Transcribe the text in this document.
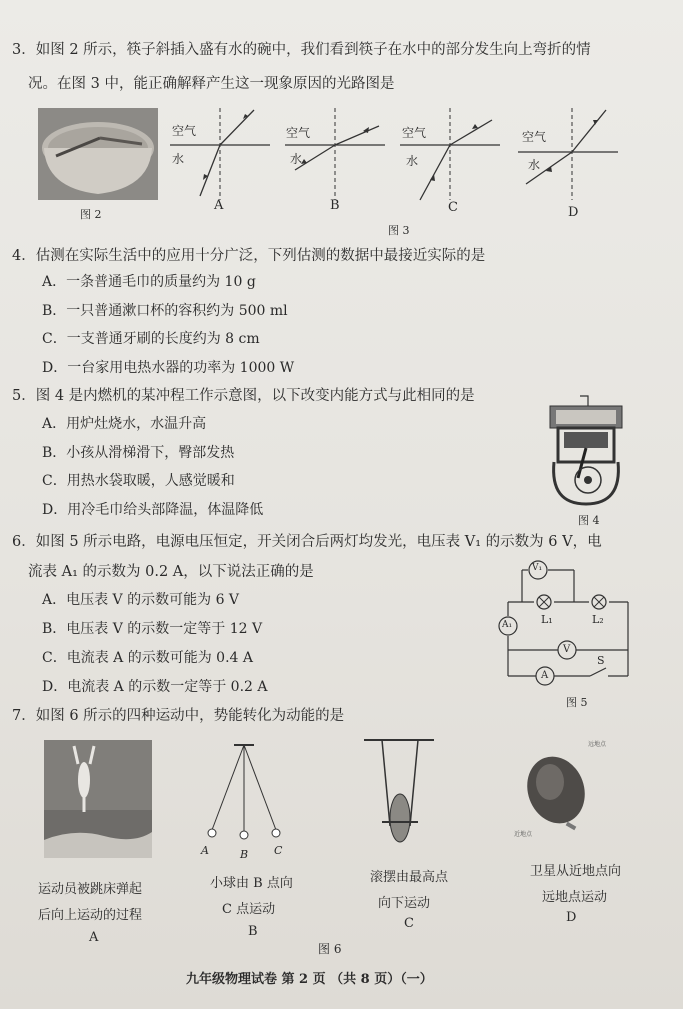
3．如图 2 所示，筷子斜插入盛有水的碗中，我们看到筷子在水中的部分发生向上弯折的情
况。在图 3 中，能正确解释产生这一现象原因的光路图是
图 2
空气
水
A
空气
水
B
空气
水
C
空气
水
D
图 3
4．估测在实际生活中的应用十分广泛，下列估测的数据中最接近实际的是
A．一条普通毛巾的质量约为 10 g
B．一只普通漱口杯的容积约为 500 ml
C．一支普通牙刷的长度约为 8 cm
D．一台家用电热水器的功率为 1000 W
5．图 4 是内燃机的某冲程工作示意图，以下改变内能方式与此相同的是
A．用炉灶烧水，水温升高
B．小孩从滑梯滑下，臀部发热
C．用热水袋取暖，人感觉暖和
D．用冷毛巾给头部降温，体温降低
图 4
6．如图 5 所示电路，电源电压恒定，开关闭合后两灯均发光，电压表 V₁ 的示数为 6 V，电
流表 A₁ 的示数为 0.2 A，以下说法正确的是
A．电压表 V 的示数可能为 6 V
B．电压表 V 的示数一定等于 12 V
C．电流表 A 的示数可能为 0.4 A
D．电流表 A 的示数一定等于 0.2 A
V₁
L₁	L₂
A₁
V
A
S
图 5
7．如图 6 所示的四种运动中，势能转化为动能的是
运动员被跳床弹起
后向上运动的过程
A
A	B C
小球由 B 点向
C 点运动
B
滚摆由最高点
向下运动
C
远地点
近地点
卫星从近地点向
远地点运动
D
图 6
九年级物理试卷 第 2 页 （共 8 页）（一）
